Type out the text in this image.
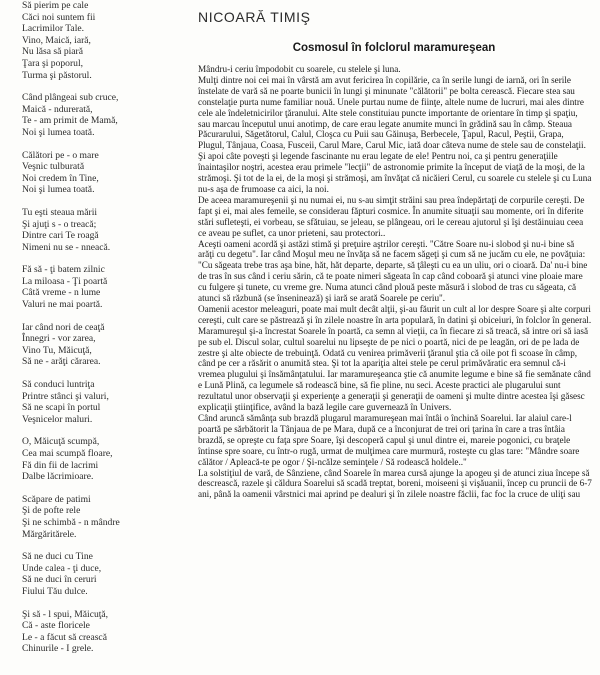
Să pierim pe cale
Căci noi suntem fii
Lacrimilor Tale.
Vino, Maică, iară,
Nu lăsa să piară
Ţara şi poporul,
Turma şi păstorul.
Când plângeai sub cruce,
Maică - ndurerată,
Te - am primit de Mamă,
Noi şi lumea toată.
Călători pe - o mare
Veşnic tulburată
Noi credem în Tine,
Noi şi lumea toată.
Tu eşti steaua mării
Şi ajuţi s - o treacă;
Dintre cari Te roagă
Nimeni nu se - nneacă.
Fă să - ţi batem zilnic
La miloasa - Ţi poartă
Câtă vreme - n lume
Valuri ne mai poartă.
Iar când nori de ceaţă
Înnegri - vor zarea,
Vino Tu, Măicuţă,
Să ne - arăţi cărarea.
Să conduci luntriţa
Printre stânci şi valuri,
Să ne scapi în portul
Veşnicelor maluri.
O, Măicuţă scumpă,
Cea mai scumpă floare,
Fă din fii de lacrimi
Dalbe lăcrimioare.
Scăpare de patimi
Şi de pofte rele
Şi ne schimbă - n mândre
Mărgăritărele.
Să ne duci cu Tine
Unde calea - ţi duce,
Să ne duci în ceruri
Fiului Tău dulce.
Şi să - l spui, Măicuţă,
Că - aste floricele
Le - a făcut să crească
Chinurile - I grele.
NICOARĂ TIMIŞ
Cosmosul în folclorul maramureşean

Mândru-i ceriu împodobit cu soarele, cu stelele şi luna.

Mulţi dintre noi cei mai în vârstă am avut fericirea în copilărie, ca în serile lungi de iarnă, ori în serile înstelate de vară să ne poarte bunicii în lungi şi minunate "călătorii" pe bolta cerească. Fiecare stea sau constelaţie purta nume familiar nouă. Unele purtau nume de fiinţe, altele nume de lucruri, mai ales dintre cele ale îndeletnicirilor ţăranului. Alte stele constituiau puncte importante de orientare în timp şi spaţiu, sau marcau începutul unui anotimp, de care erau legate anumite munci în grădină sau în câmp. Steaua Păcurarului, Săgetătorul, Calul, Cloşca cu Puii sau Găinuşa, Berbecele, Ţapul, Racul, Peştii, Grapa, Plugul, Tânjaua, Coasa, Fusceii, Carul Mare, Carul Mic, iată doar câteva nume de stele sau de constelaţii.

Şi apoi câte poveşti şi legende fascinante nu erau legate de ele! Pentru noi, ca şi pentru generaţiile înaintaşilor noştri, acestea erau primele "lecţii" de astronomie primite la început de viaţă de la moşi, de la strămoşi. Şi tot de la ei, de la moşi şi strămoşi, am învăţat că nicăieri Cerul, cu soarele cu stelele şi cu Luna nu-s aşa de frumoase ca aici, la noi.

De aceea maramureşenii şi nu numai ei, nu s-au simţit străini sau prea îndepărtaţi de corpurile cereşti. De fapt şi ei, mai ales femeile, se considerau făpturi cosmice. În anumite situaţii sau momente, ori în diferite stări sufleteşti, ei vorbeau, se sfătuiau, se jeleau, se plângeau, ori le cereau ajutorul şi îşi destăinuiau ceea ce aveau pe suflet, ca unor prieteni, sau protectori..

Aceşti oameni acordă şi astăzi stimă şi preţuire aştrilor cereşti. "Către Soare nu-i slobod şi nu-i bine să arăţi cu degetu". Iar când Moşul meu ne învăţa să ne facem săgeţi şi cum să ne jucăm cu ele, ne povăţuia: "Cu săgeata trebe tras aşa bine, hăt, hăt departe, departe, să ţâleşti cu ea un uliu, ori o cioară. Da' nu-i bine de tras în sus când i ceriu sărin, că te poate nimeri săgeata în cap când coboară şi atunci vine ploaie mare cu fulgere şi tunete, cu vreme gre. Numa atunci când plouă peste măsură i slobod de tras cu săgeata, că atunci să răzbună (se înseninează) şi iară se arată Soarele pe ceriu".

Oamenii acestor meleaguri, poate mai mult decât alţii, şi-au făurit un cult al lor despre Soare şi alte corpuri cereşti, cult care se păstrează şi în zilele noastre în arta populară, în datini şi obiceiuri, în folclor în general.

Maramureşul şi-a încrestat Soarele în poartă, ca semn al vieţii, ca în fiecare zi să treacă, să intre ori să iasă pe sub el. Discul solar, cultul soarelui nu lipseşte de pe nici o poartă, nici de pe leagăn, ori de pe lada de zestre şi alte obiecte de trebuinţă. Odată cu venirea primăverii ţăranul ştia că oile pot fi scoase în câmp, când pe cer a răsărit o anumită stea. Şi tot la apariţia altei stele pe cerul primăvăratic era semnul că-i vremea plugului şi însămânţatului. Iar maramureşeanca ştie că anumite legume e bine să fie semănate când e Lună Plină, ca legumele să rodească bine, să fie pline, nu seci. Aceste practici ale plugarului sunt rezultatul unor observaţii şi experienţe a generaţii şi generaţii de oameni şi multe dintre acestea îşi găsesc explicaţii ştiinţifice, având la bază legile care guvernează în Univers.

Când aruncă sămânţa sub brazdă plugarul maramureşean mai întâi o închină Soarelui. Iar alaiul care-l poartă pe sărbătorit la Tânjaua de pe Mara, după ce a înconjurat de trei ori ţarina în care a tras întâia brazdă, se opreşte cu faţa spre Soare, îşi descoperă capul şi unul dintre ei, mareie pogonici, cu braţele întinse spre soare, cu într-o rugă, urmat de mulţimea care murmură, rosteşte cu glas tare: "Mândre soare călător / Apleacă-te pe ogor / Şi-ncălze seminţele / Să rodească holdele.."

La solstiţiul de vară, de Sânziene, când Soarele în marea cursă ajunge la apogeu şi de atunci ziua începe să descrească, razele şi căldura Soarelui să scadă treptat, boreni, moiseeni şi vişăuanii, încep cu pruncii de 6-7 ani, până la oamenii vârstnici mai aprind pe dealuri şi în zilele noastre făclii, fac foc la cruce de uliţi sau
